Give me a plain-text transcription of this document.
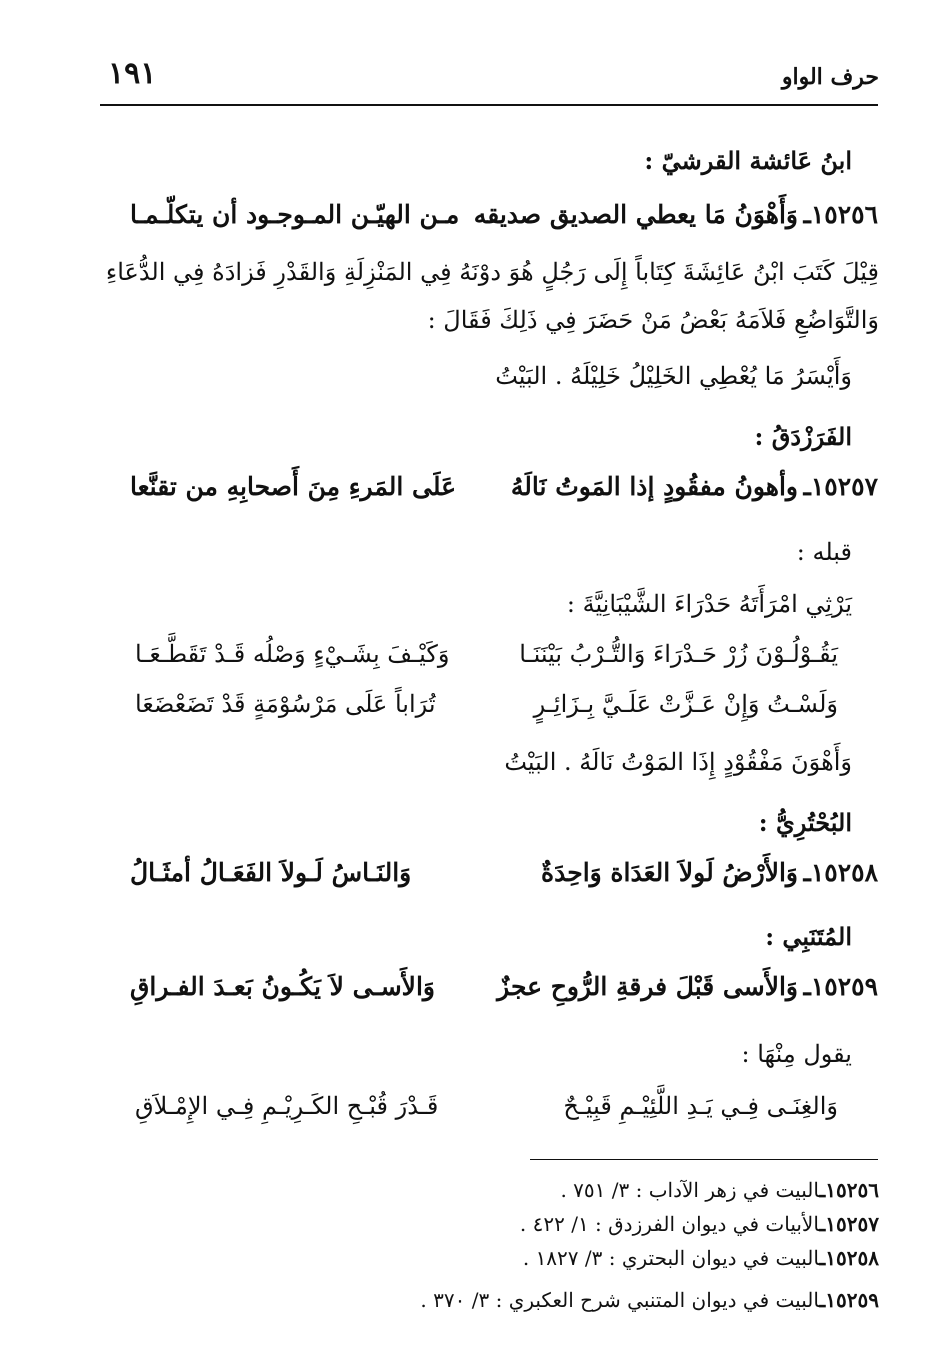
حرف الواو
١٩١
ابنُ عَائشة القرشيّ :
١٥٢٥٦ـ
وَأَهْوَنُ مَا يعطي الصديق صديقه
مـن الهيّـن المـوجـود أن يتكلّـمـا
قِيْلَ كَتَبَ ابْنُ عَائِشَةَ كِتَاباً إِلَى رَجُلٍ هُوَ دوْنَهُ فِي المَنْزِلَةِ وَالقَدْرِ فَزادَهُ فِي الدُّعَاءِ
وَالتَّوَاضُعِ فَلاَمَهُ بَعْضُ مَنْ حَضَرَ فِي ذَلِكَ فَقَالَ :
وَأَيْسَرُ مَا يُعْطِي الخَلِيْلُ خَلِيْلَهُ . البَيْتُ
الفَرَزْدَقُ :
١٥٢٥٧ـ
وأهونُ مفقُودٍ إذا المَوتُ نَالَهُ
عَلَى المَرءِ مِنَ أَصحابِهِ من تقنَّعا
قبله :
يَرْثِي امْرَأَتَهُ حَدْرَاءَ الشَّيْبَانِيَّةَ :
يَقُـوْلُـوْنَ زُرْ حَـدْرَاءَ وَالتُّـرْبُ بَيْنَنَـا
وَكَيْـفَ بِشَـيْءٍ وَصْلُه قَـدْ تَقَطَّـعَـا
وَلَسْـتُ وَإِنْ عَـزَّتْ عَلَـيَّ بِـزَائِـرٍ
تُرَاباً عَلَى مَرْسُوْمَةٍ قَدْ تَضَعْضَعَا
وَأَهْوَنَ مَفْقُوْدٍ إِذَا المَوْتُ نَالَهُ . البَيْتُ
البُحْتُرِيُّ :
١٥٢٥٨ـ
وَالأَرْضُ لَولاَ العَدَاة وَاحِدَةٌ
وَالنَـاسُ لَـولاَ الفَعَـالُ أمثَـالُ
المُتَنَبِي :
١٥٢٥٩ـ
وَالأَسى قَبْلَ فرقةِ الرُّوحِ عجزٌ
وَالأَسـى لاَ يَكُـونُ بَعـدَ الفـراقِ
يقول مِنْهَا :
وَالغِنَـى فِـي يَـدِ اللَّئِيْـمِ قَبِيْـحٌ
قَـدْرَ قُبْـحِ الكَـرِيْـمِ فِـي الإِمْـلاَقِ
١٥٢٥٦ـالبيت في زهر الآداب : ٣/ ٧٥١ .
١٥٢٥٧ـالأبيات في ديوان الفرزدق : ١/ ٤٢٢ .
١٥٢٥٨ـالبيت في ديوان البحتري : ٣/ ١٨٢٧ .
١٥٢٥٩ـالبيت في ديوان المتنبي شرح العكبري : ٣/ ٣٧٠ .
